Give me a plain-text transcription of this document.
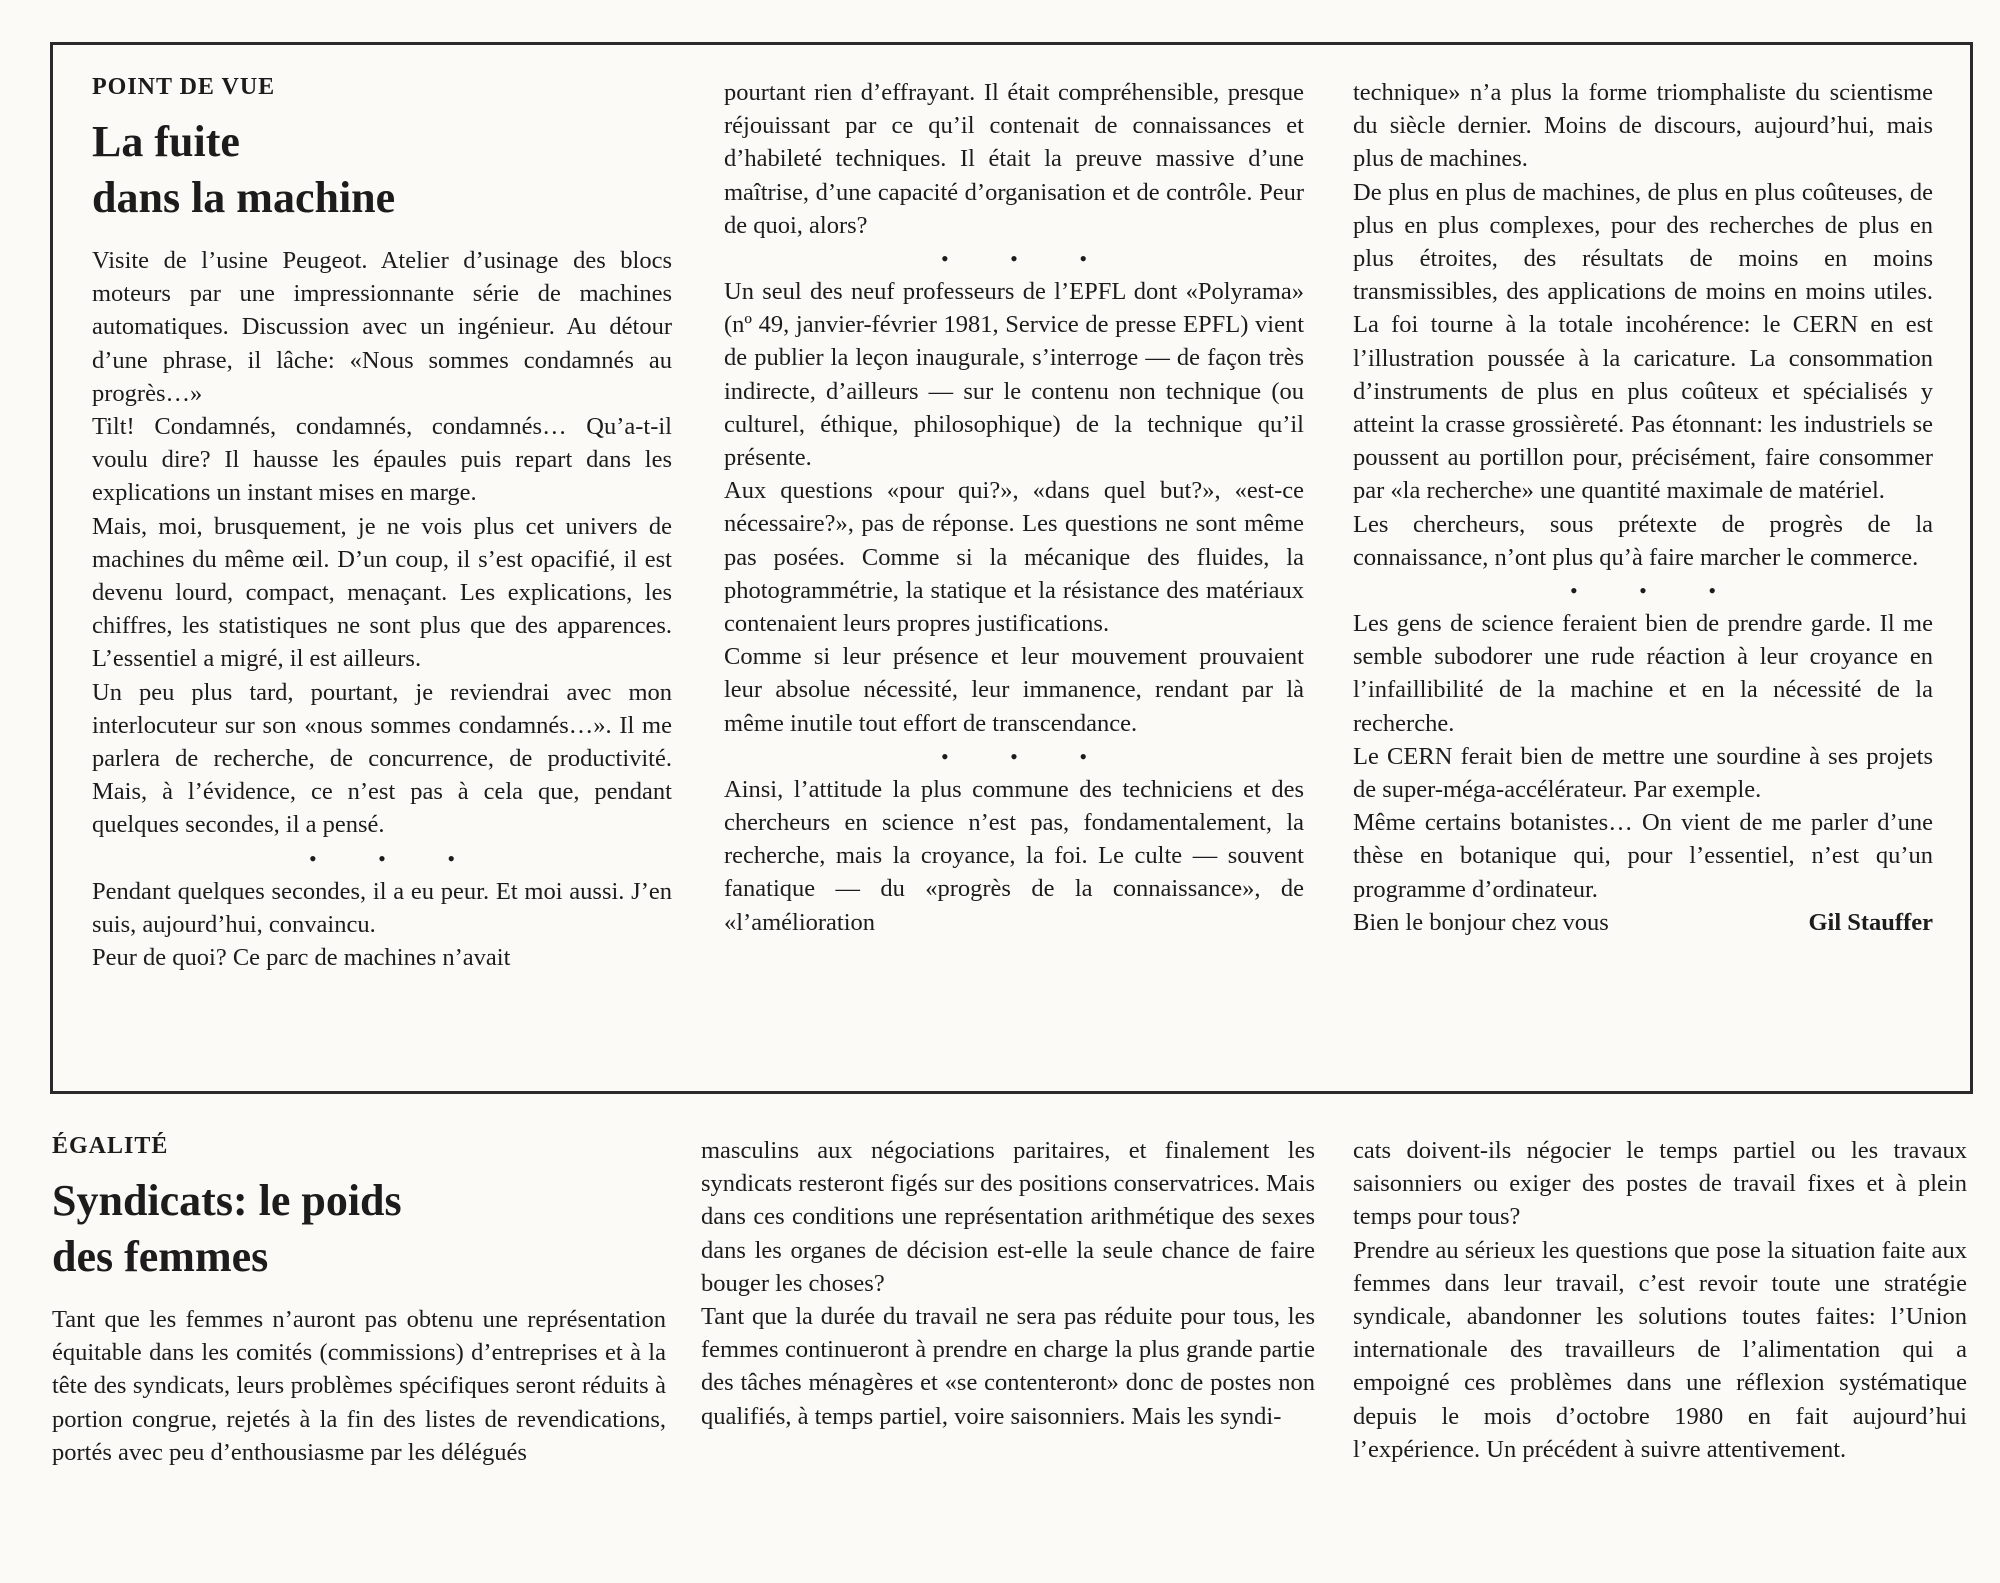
POINT DE VUE

La fuite
dans la machine

Visite de l’usine Peugeot. Atelier d’usinage des blocs moteurs par une impressionnante série de machines automatiques. Discussion avec un ingénieur. Au détour d’une phrase, il lâche: «Nous sommes condamnés au progrès…»

Tilt! Condamnés, condamnés, condamnés… Qu’a-t-il voulu dire? Il hausse les épaules puis repart dans les explications un instant mises en marge.

Mais, moi, brusquement, je ne vois plus cet univers de machines du même œil. D’un coup, il s’est opacifié, il est devenu lourd, compact, menaçant. Les explications, les chiffres, les statistiques ne sont plus que des apparences. L’essentiel a migré, il est ailleurs.

Un peu plus tard, pourtant, je reviendrai avec mon interlocuteur sur son «nous sommes condamnés…». Il me parlera de recherche, de concurrence, de productivité. Mais, à l’évidence, ce n’est pas à cela que, pendant quelques secondes, il a pensé.

• • •

Pendant quelques secondes, il a eu peur. Et moi aussi. J’en suis, aujourd’hui, convaincu.

Peur de quoi? Ce parc de machines n’avait

pourtant rien d’effrayant. Il était compréhensible, presque réjouissant par ce qu’il contenait de connaissances et d’habileté techniques. Il était la preuve massive d’une maîtrise, d’une capacité d’organisation et de contrôle. Peur de quoi, alors?

• • •

Un seul des neuf professeurs de l’EPFL dont «Polyrama» (nº 49, janvier-février 1981, Service de presse EPFL) vient de publier la leçon inaugurale, s’interroge — de façon très indirecte, d’ailleurs — sur le contenu non technique (ou culturel, éthique, philosophique) de la technique qu’il présente.

Aux questions «pour qui?», «dans quel but?», «est-ce nécessaire?», pas de réponse. Les questions ne sont même pas posées. Comme si la mécanique des fluides, la photogrammétrie, la statique et la résistance des matériaux contenaient leurs propres justifications.

Comme si leur présence et leur mouvement prouvaient leur absolue nécessité, leur immanence, rendant par là même inutile tout effort de transcendance.

• • •

Ainsi, l’attitude la plus commune des techniciens et des chercheurs en science n’est pas, fondamentalement, la recherche, mais la croyance, la foi. Le culte — souvent fanatique — du «progrès de la connaissance», de «l’amélioration

technique» n’a plus la forme triomphaliste du scientisme du siècle dernier. Moins de discours, aujourd’hui, mais plus de machines.

De plus en plus de machines, de plus en plus coûteuses, de plus en plus complexes, pour des recherches de plus en plus étroites, des résultats de moins en moins transmissibles, des applications de moins en moins utiles. La foi tourne à la totale incohérence: le CERN en est l’illustration poussée à la caricature. La consommation d’instruments de plus en plus coûteux et spécialisés y atteint la crasse grossièreté. Pas étonnant: les industriels se poussent au portillon pour, précisément, faire consommer par «la recherche» une quantité maximale de matériel.

Les chercheurs, sous prétexte de progrès de la connaissance, n’ont plus qu’à faire marcher le commerce.

• • •

Les gens de science feraient bien de prendre garde. Il me semble subodorer une rude réaction à leur croyance en l’infaillibilité de la machine et en la nécessité de la recherche.

Le CERN ferait bien de mettre une sourdine à ses projets de super-méga-accélérateur. Par exemple.

Même certains botanistes… On vient de me parler d’une thèse en botanique qui, pour l’essentiel, n’est qu’un programme d’ordinateur.

Bien le bonjour chez vous	Gil Stauffer

ÉGALITÉ

Syndicats: le poids
des femmes

Tant que les femmes n’auront pas obtenu une représentation équitable dans les comités (commissions) d’entreprises et à la tête des syndicats, leurs problèmes spécifiques seront réduits à portion congrue, rejetés à la fin des listes de revendications, portés avec peu d’enthousiasme par les délégués

masculins aux négociations paritaires, et finalement les syndicats resteront figés sur des positions conservatrices. Mais dans ces conditions une représentation arithmétique des sexes dans les organes de décision est-elle la seule chance de faire bouger les choses?

Tant que la durée du travail ne sera pas réduite pour tous, les femmes continueront à prendre en charge la plus grande partie des tâches ménagères et «se contenteront» donc de postes non qualifiés, à temps partiel, voire saisonniers. Mais les syndi-

cats doivent-ils négocier le temps partiel ou les travaux saisonniers ou exiger des postes de travail fixes et à plein temps pour tous?

Prendre au sérieux les questions que pose la situation faite aux femmes dans leur travail, c’est revoir toute une stratégie syndicale, abandonner les solutions toutes faites: l’Union internationale des travailleurs de l’alimentation qui a empoigné ces problèmes dans une réflexion systématique depuis le mois d’octobre 1980 en fait aujourd’hui l’expérience. Un précédent à suivre attentivement.
